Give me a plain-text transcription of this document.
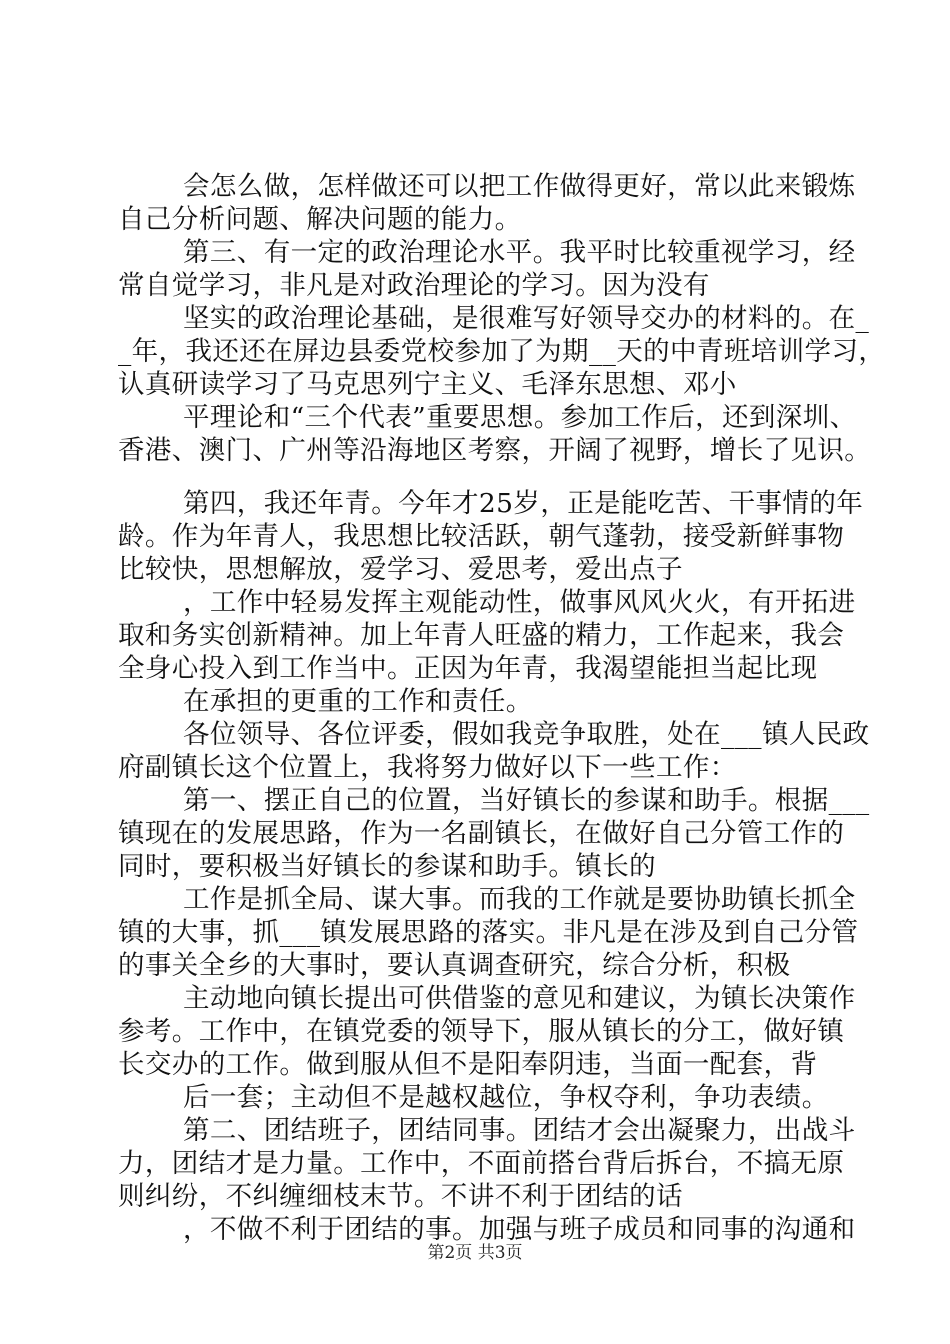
会怎么做，怎样做还可以把工作做得更好，常以此来锻炼
自己分析问题、解决问题的能力。
第三、有一定的政治理论水平。我平时比较重视学习，经
常自觉学习，非凡是对政治理论的学习。因为没有
坚实的政治理论基础，是很难写好领导交办的材料的。在_
_年，我还还在屏边县委党校参加了为期__天的中青班培训学习，
认真研读学习了马克思列宁主义、毛泽东思想、邓小
平理论和“三个代表”重要思想。参加工作后，还到深圳、
香港、澳门、广州等沿海地区考察，开阔了视野，增长了见识。
第四，我还年青。今年才25岁，正是能吃苦、干事情的年
龄。作为年青人，我思想比较活跃，朝气蓬勃，接受新鲜事物
比较快，思想解放，爱学习、爱思考，爱出点子
，工作中轻易发挥主观能动性，做事风风火火，有开拓进
取和务实创新精神。加上年青人旺盛的精力，工作起来，我会
全身心投入到工作当中。正因为年青，我渴望能担当起比现
在承担的更重的工作和责任。
各位领导、各位评委，假如我竞争取胜，处在___镇人民政
府副镇长这个位置上，我将努力做好以下一些工作：
第一、摆正自己的位置，当好镇长的参谋和助手。根据___
镇现在的发展思路，作为一名副镇长，在做好自己分管工作的
同时，要积极当好镇长的参谋和助手。镇长的
工作是抓全局、谋大事。而我的工作就是要协助镇长抓全
镇的大事，抓___镇发展思路的落实。非凡是在涉及到自己分管
的事关全乡的大事时，要认真调查研究，综合分析，积极
主动地向镇长提出可供借鉴的意见和建议，为镇长决策作
参考。工作中，在镇党委的领导下，服从镇长的分工，做好镇
长交办的工作。做到服从但不是阳奉阴违，当面一配套，背
后一套；主动但不是越权越位，争权夺利，争功表绩。
第二、团结班子，团结同事。团结才会出凝聚力，出战斗
力，团结才是力量。工作中，不面前搭台背后拆台，不搞无原
则纠纷，不纠缠细枝末节。不讲不利于团结的话
，不做不利于团结的事。加强与班子成员和同事的沟通和
第2页 共3页
